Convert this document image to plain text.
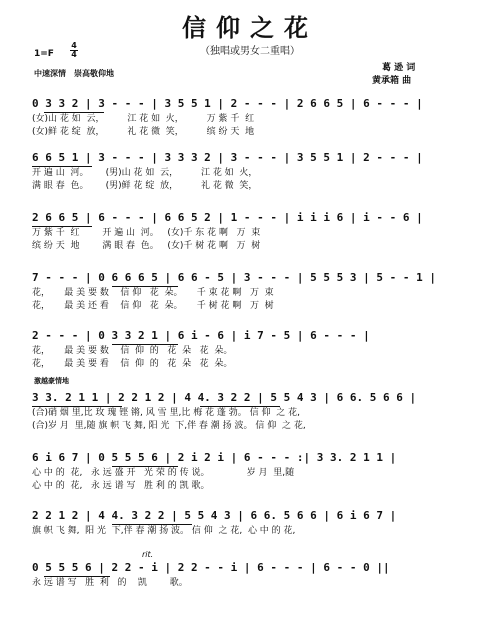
信仰之花
（独唱或男女二重唱）
1=F
4
4
中速深情　崇高敬仰地
葛 逊 词
黄承箱 曲
0 3 3 2 | 3 - - - | 3 5 5 1 | 2 - - - | 2 6 6 5 | 6 - - - |
(女)山 花 如  云，        江 花 如  火，        万 紫 千  红
(女)鲜 花 绽  放，        礼 花 微  笑，        缤 纷 天  地
6 6 5 1 | 3 - - - | 3 3 3 2 | 3 - - - | 3 5 5 1 | 2 - - - |
开 遍 山  河。      (男)山 花 如  云，        江 花 如  火，
满 眼 春  色。      (男)鲜 花 绽  放，        礼 花 微  笑，
2 6 6 5 | 6 - - - | 6 6 5 2 | 1 - - - | i i i 6 | i - - 6 |
万 紫 千  红        开 遍 山  河。   (女)千 东 花 啊   万  束
缤 纷 天  地        满 眼 春  色。   (女)千 树 花 啊   万  树
7 - - - | 0 6 6 6 5 | 6 6 - 5 | 3 - - - | 5 5 5 3 | 5 - - 1 |
花，     最 美 要 数    信 仰   花  朵。     千 束 花 啊   万  束
花，     最 美 还 看    信 仰   花  朵。     千 树 花 啊   万  树
2 - - - | 0 3 3 2 1 | 6 i - 6 | i 7 - 5 | 6 - - - |
花，     最 美 要 数    信  仰  的   花  朵   花  朵。
花，     最 美 要 看    信  仰  的   花  朵   花  朵。
激越豪情地
3 3. 2 1 1 | 2 2 1 2 | 4 4. 3 2 2 | 5 5 4 3 | 6 6. 5 6 6 |
(合)硝 烟 里,比 玫 瑰 铿 锵, 风 雪 里,比 梅 花 蓬 勃。 信 仰  之 花,
(合)岁 月  里,随 旗 帜 飞 舞, 阳 光  下,伴 春 潮 扬 波。 信 仰  之 花,
6 i 6 7 | 0 5 5 5 6 | 2 i 2 i | 6 - - - :| 3 3. 2 1 1 |
心 中 的  花,   永 远 盛 开   光 荣 的 传 说。             岁 月  里,随
心 中 的  花,   永 远 谱 写   胜 利 的 凯 歌。
2 2 1 2 | 4 4. 3 2 2 | 5 5 4 3 | 6 6. 5 6 6 | 6 i 6 7 |
旗 帜 飞 舞,  阳 光  下,伴 春 潮 扬 波。 信 仰  之 花,  心 中 的 花,
rit.
0 5 5 5 6 | 2 2 - i | 2 2 - - i | 6 - - - | 6 - - 0 ||
永 远 谱 写   胜  利   的    凯        歌。
